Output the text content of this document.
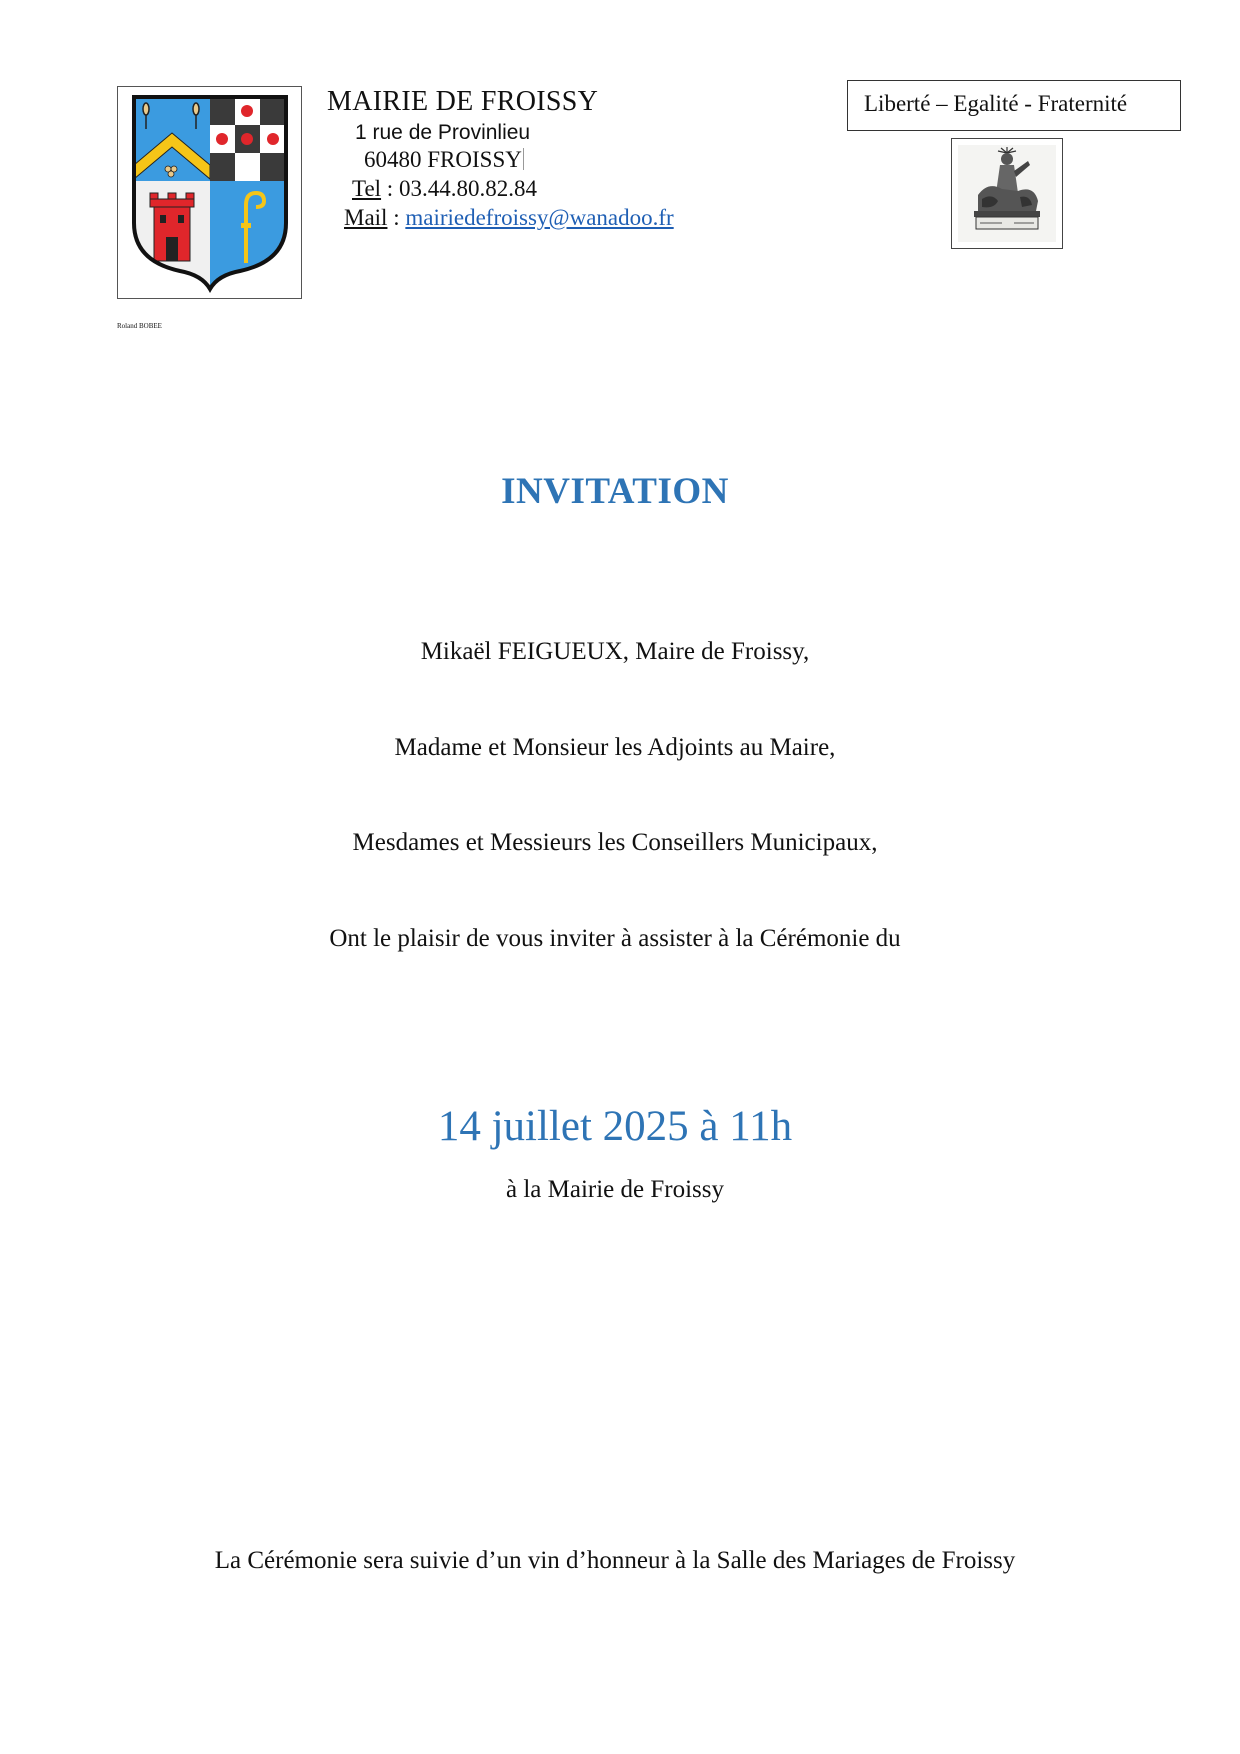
Roland BOBEE
MAIRIE DE FROISSY
1 rue de Provinlieu
60480 FROISSY
Tel : 03.44.80.82.84
Mail : mairiedefroissy@wanadoo.fr
Liberté – Egalité - Fraternité
INVITATION
Mikaël FEIGUEUX, Maire de Froissy,
Madame et Monsieur les Adjoints au Maire,
Mesdames et Messieurs les Conseillers Municipaux,
Ont le plaisir de vous inviter à assister à la Cérémonie du
14 juillet 2025 à 11h
à la Mairie de Froissy
La Cérémonie sera suivie d’un vin d’honneur à la Salle des Mariages de Froissy
